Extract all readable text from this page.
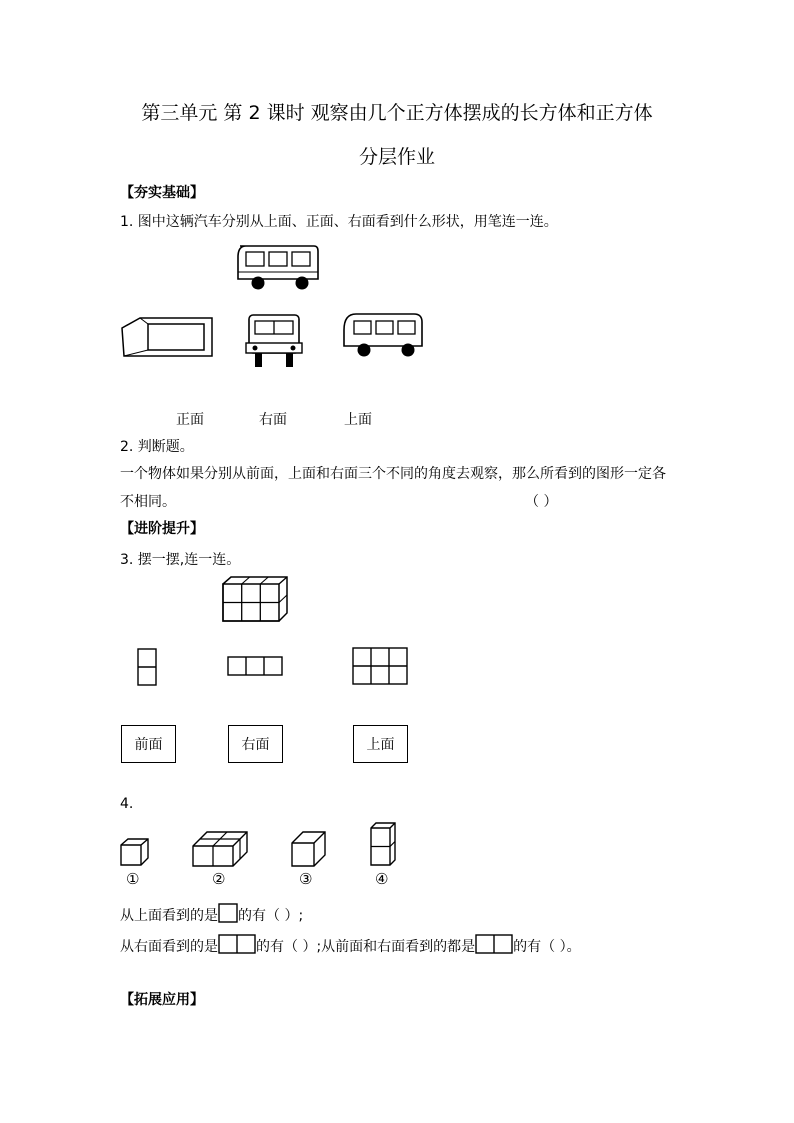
第三单元 第 2 课时 观察由几个正方体摆成的长方体和正方体
分层作业
【夯实基础】
1. 图中这辆汽车分别从上面、正面、右面看到什么形状，用笔连一连。
正面	右面	上面
2. 判断题。
一个物体如果分别从前面，上面和右面三个不同的角度去观察，那么所看到的图形一定各
不相同。	（ ）
【进阶提升】
3. 摆一摆,连一连。
前面	右面	上面
4.
①	②	③	④
从上面看到的是 的有（ ）;
从右面看到的是	的有（ ）;从前面和右面看到的都是	的有（ ）。
【拓展应用】
